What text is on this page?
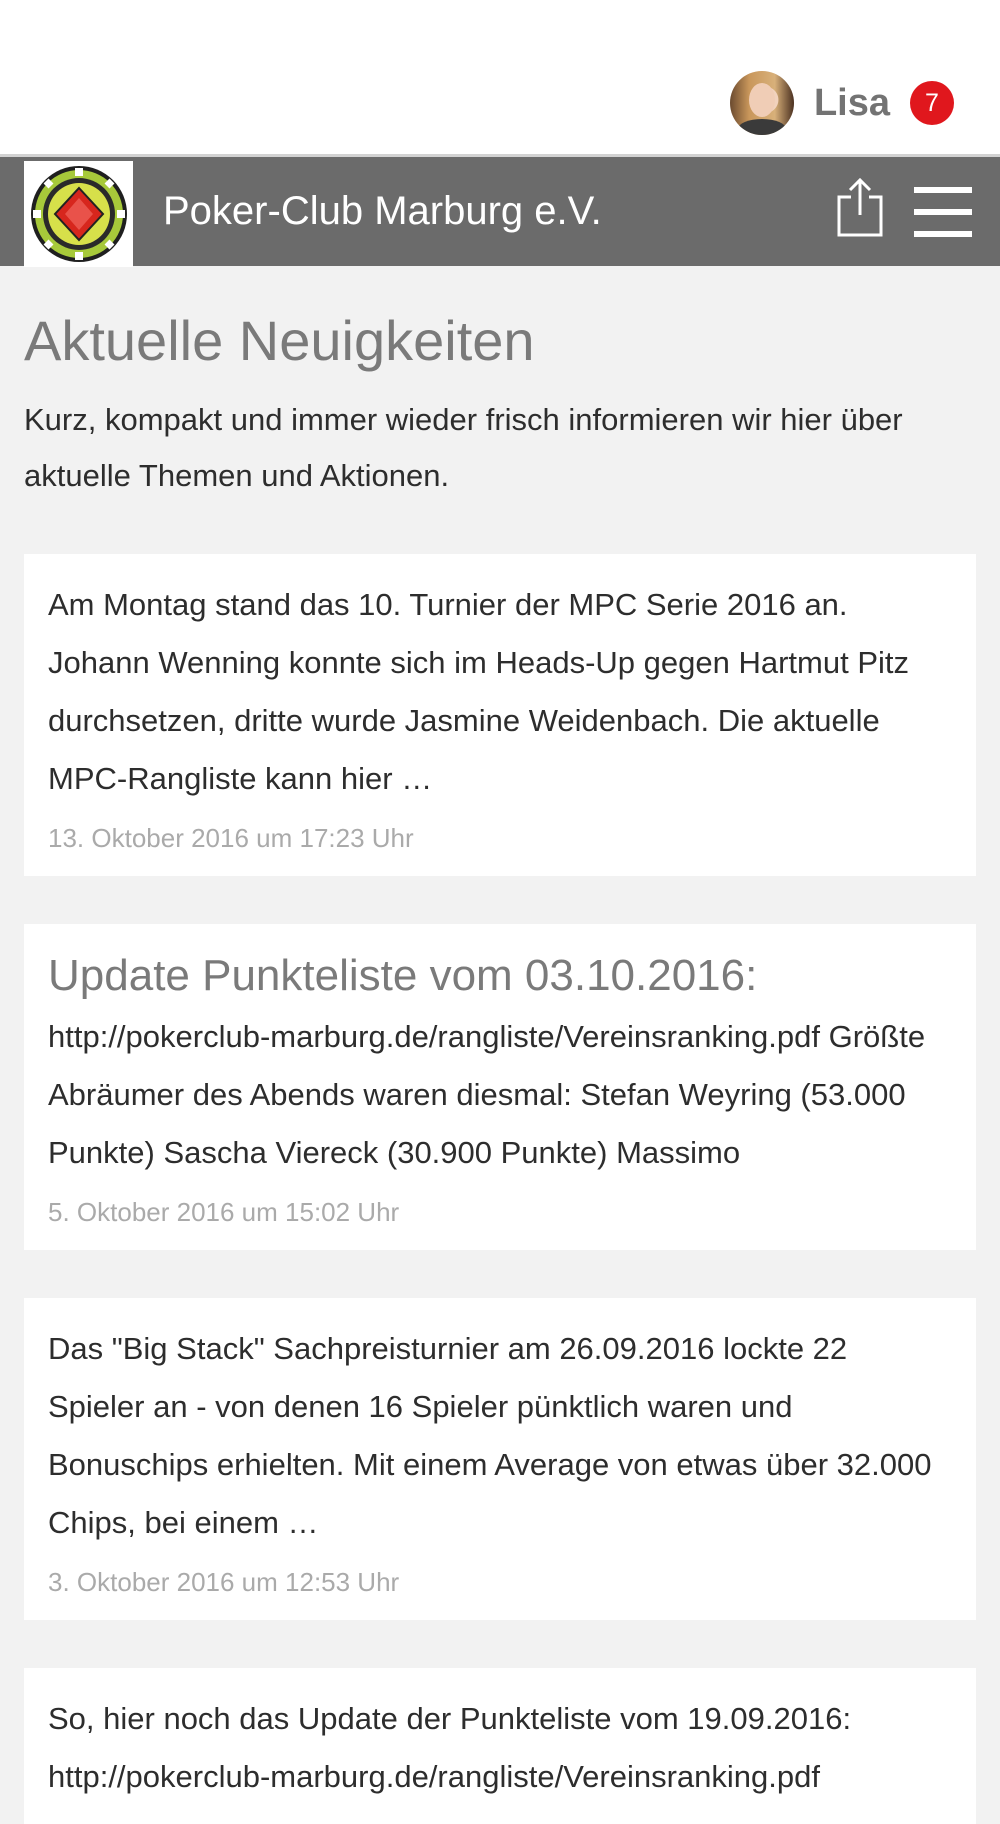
Lisa	7
Poker-Club Marburg e.V.
Aktuelle Neuigkeiten

Kurz, kompakt und immer wieder frisch informieren wir hier über aktuelle Themen und Aktionen.

Am Montag stand das 10. Turnier der MPC Serie 2016 an. Johann Wenning konnte sich im Heads-Up gegen Hartmut Pitz durchsetzen, dritte wurde Jasmine Weidenbach. Die aktuelle MPC-Rangliste kann hier …

13. Oktober 2016 um 17:23 Uhr

Update Punkteliste vom 03.10.2016:

http://pokerclub-marburg.de/rangliste/Vereinsranking.pdf Größte Abräumer des Abends waren diesmal: Stefan Weyring (53.000 Punkte) Sascha Viereck (30.900 Punkte) Massimo

5. Oktober 2016 um 15:02 Uhr

Das "Big Stack" Sachpreisturnier am 26.09.2016 lockte 22 Spieler an - von denen 16 Spieler pünktlich waren und Bonuschips erhielten. Mit einem Average von etwas über 32.000 Chips, bei einem …

3. Oktober 2016 um 12:53 Uhr

So, hier noch das Update der Punkteliste vom 19.09.2016: http://pokerclub-marburg.de/rangliste/Vereinsranking.pdf
